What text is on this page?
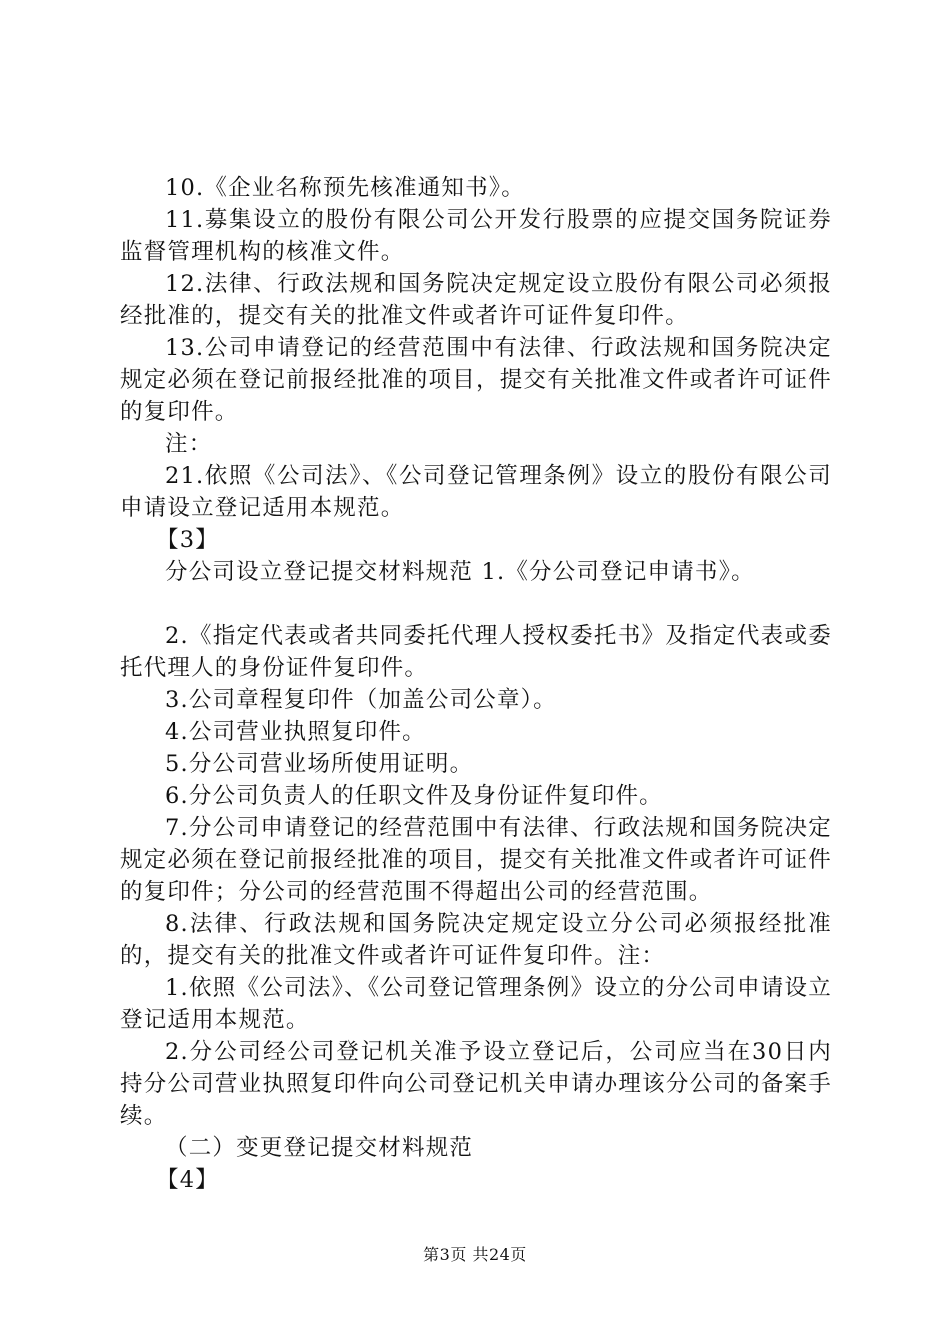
10.《企业名称预先核准通知书》。

11.募集设立的股份有限公司公开发行股票的应提交国务院证券监督管理机构的核准文件。

12.法律、行政法规和国务院决定规定设立股份有限公司必须报经批准的，提交有关的批准文件或者许可证件复印件。

13.公司申请登记的经营范围中有法律、行政法规和国务院决定规定必须在登记前报经批准的项目，提交有关批准文件或者许可证件的复印件。

注：

21.依照《公司法》、《公司登记管理条例》设立的股份有限公司申请设立登记适用本规范。

【3】

分公司设立登记提交材料规范 1.《分公司登记申请书》。

2.《指定代表或者共同委托代理人授权委托书》及指定代表或委托代理人的身份证件复印件。

3.公司章程复印件（加盖公司公章）。

4.公司营业执照复印件。

5.分公司营业场所使用证明。

6.分公司负责人的任职文件及身份证件复印件。

7.分公司申请登记的经营范围中有法律、行政法规和国务院决定规定必须在登记前报经批准的项目，提交有关批准文件或者许可证件的复印件；分公司的经营范围不得超出公司的经营范围。

8.法律、行政法规和国务院决定规定设立分公司必须报经批准的，提交有关的批准文件或者许可证件复印件。注：

1.依照《公司法》、《公司登记管理条例》设立的分公司申请设立登记适用本规范。

2.分公司经公司登记机关准予设立登记后，公司应当在30日内持分公司营业执照复印件向公司登记机关申请办理该分公司的备案手续。

（二）变更登记提交材料规范

【4】

第3页 共24页
